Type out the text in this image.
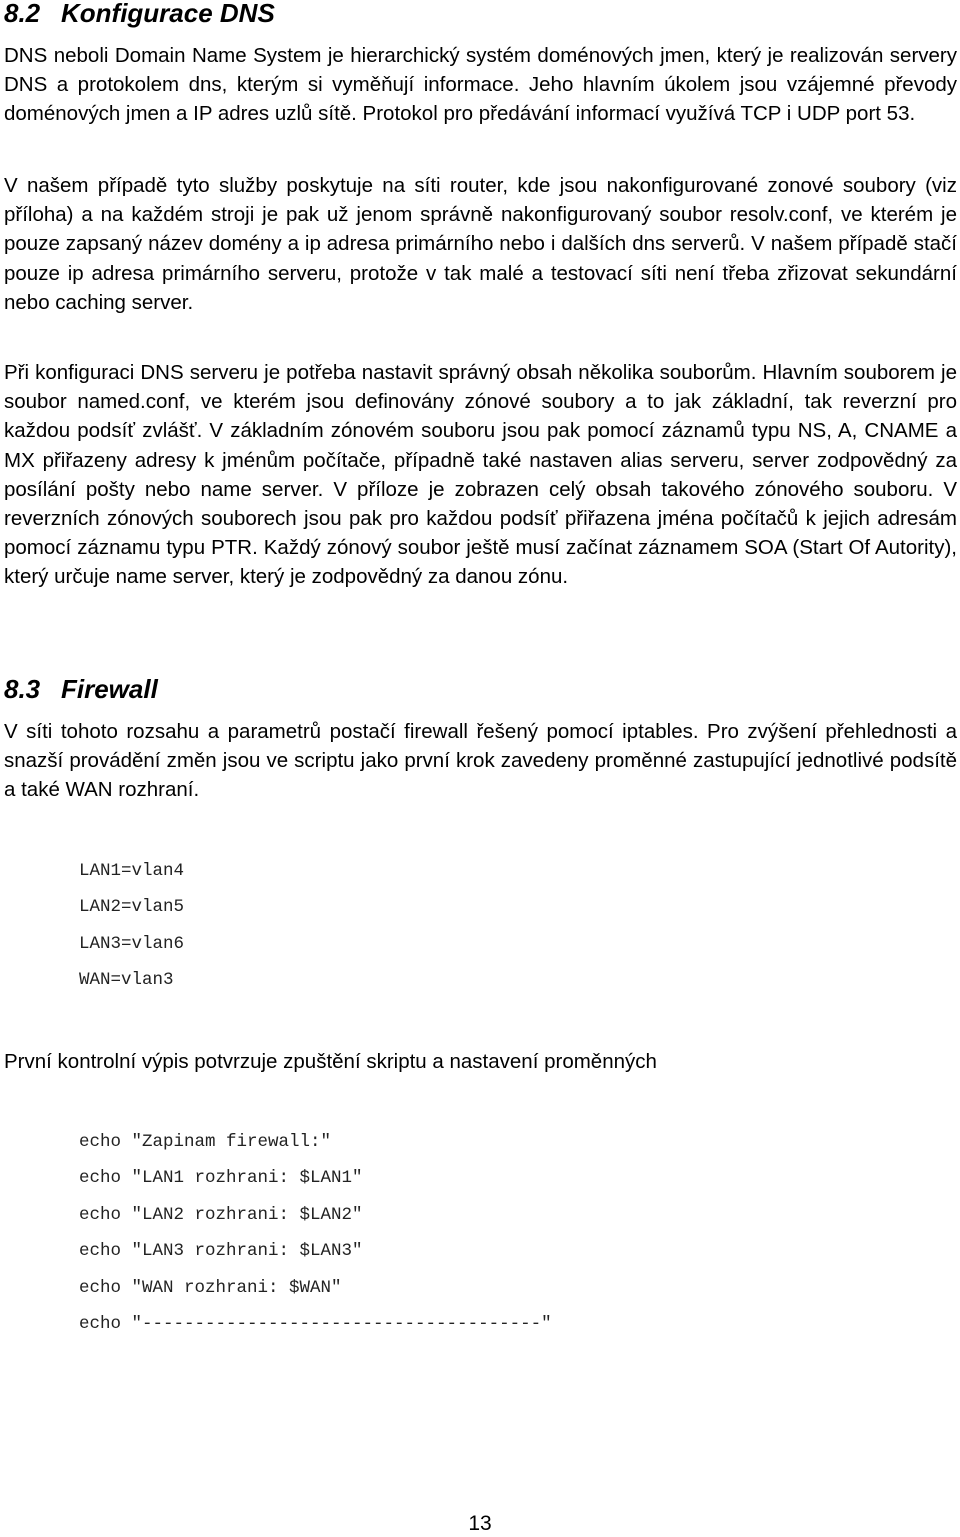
8.2 Konfigurace DNS

DNS neboli Domain Name System je hierarchický systém doménových jmen, který je realizován servery DNS a protokolem dns, kterým si vyměňují informace. Jeho hlavním úkolem jsou vzájemné převody doménových jmen a IP adres uzlů sítě. Protokol pro předávání informací využívá TCP i UDP port 53.

V našem případě tyto služby poskytuje na síti router, kde jsou nakonfigurované zonové soubory (viz příloha) a na každém stroji je pak už jenom správně nakonfigurovaný soubor resolv.conf, ve kterém je pouze zapsaný název domény a ip adresa primárního nebo i dalších dns serverů. V našem případě stačí pouze ip adresa primárního serveru, protože v tak malé a testovací síti není třeba zřizovat sekundární nebo caching server.

Při konfiguraci DNS serveru je potřeba nastavit správný obsah několika souborům. Hlavním souborem je soubor named.conf, ve kterém jsou definovány zónové soubory a to jak základní, tak reverzní pro každou podsíť zvlášť. V základním zónovém souboru jsou pak pomocí záznamů typu NS, A, CNAME a MX přiřazeny adresy k jménům počítače, případně také nastaven alias serveru, server zodpovědný za posílání pošty nebo name server. V příloze je zobrazen celý obsah takového zónového souboru. V reverzních zónových souborech jsou pak pro každou podsíť přiřazena jména počítačů k jejich adresám pomocí záznamu typu PTR. Každý zónový soubor ještě musí začínat záznamem SOA (Start Of Autority), který určuje name server, který je zodpovědný za danou zónu.

8.3 Firewall

V síti tohoto rozsahu a parametrů postačí firewall řešený pomocí iptables. Pro zvýšení přehlednosti a snazší provádění změn jsou ve scriptu jako první krok zavedeny proměnné zastupující jednotlivé podsítě a také WAN rozhraní.

LAN1=vlan4
LAN2=vlan5
LAN3=vlan6
WAN=vlan3

První kontrolní výpis potvrzuje zpuštění skriptu a nastavení proměnných

echo "Zapinam firewall:"
echo "LAN1 rozhrani: $LAN1"
echo "LAN2 rozhrani: $LAN2"
echo "LAN3 rozhrani: $LAN3"
echo "WAN rozhrani: $WAN"
echo "--------------------------------------"
13
